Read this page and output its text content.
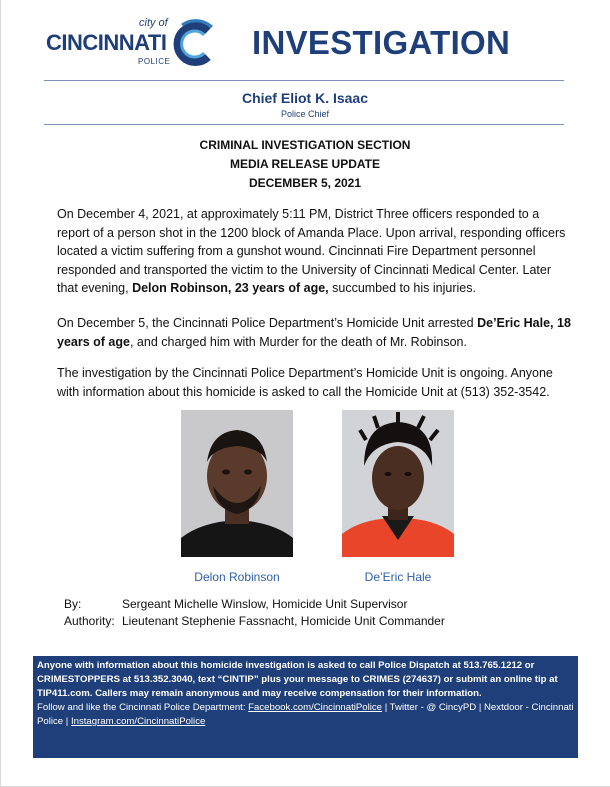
city of
CINCINNATI
POLICE
INVESTIGATION
Chief Eliot K. Isaac
Police Chief
CRIMINAL INVESTIGATION SECTION
MEDIA RELEASE UPDATE
DECEMBER 5, 2021
On December 4, 2021, at approximately 5:11 PM, District Three officers responded to a report of a person shot in the 1200 block of Amanda Place. Upon arrival, responding officers located a victim suffering from a gunshot wound. Cincinnati Fire Department personnel responded and transported the victim to the University of Cincinnati Medical Center. Later that evening, Delon Robinson, 23 years of age, succumbed to his injuries.
On December 5, the Cincinnati Police Department’s Homicide Unit arrested De’Eric Hale, 18 years of age, and charged him with Murder for the death of Mr. Robinson.
The investigation by the Cincinnati Police Department’s Homicide Unit is ongoing. Anyone with information about this homicide is asked to call the Homicide Unit at (513) 352-3542.
Delon Robinson	De’Eric Hale
By:	Sergeant Michelle Winslow, Homicide Unit Supervisor
Authority: Lieutenant Stephenie Fassnacht, Homicide Unit Commander
Anyone with information about this homicide investigation is asked to call Police Dispatch at 513.765.1212 or CRIMESTOPPERS at 513.352.3040, text “CINTIP” plus your message to CRIMES (274637) or submit an online tip at TIP411.com. Callers may remain anonymous and may receive compensation for their information.
Follow and like the Cincinnati Police Department: Facebook.com/CincinnatiPolice | Twitter - @ CincyPD | Nextdoor - Cincinnati Police | Instagram.com/CincinnatiPolice
